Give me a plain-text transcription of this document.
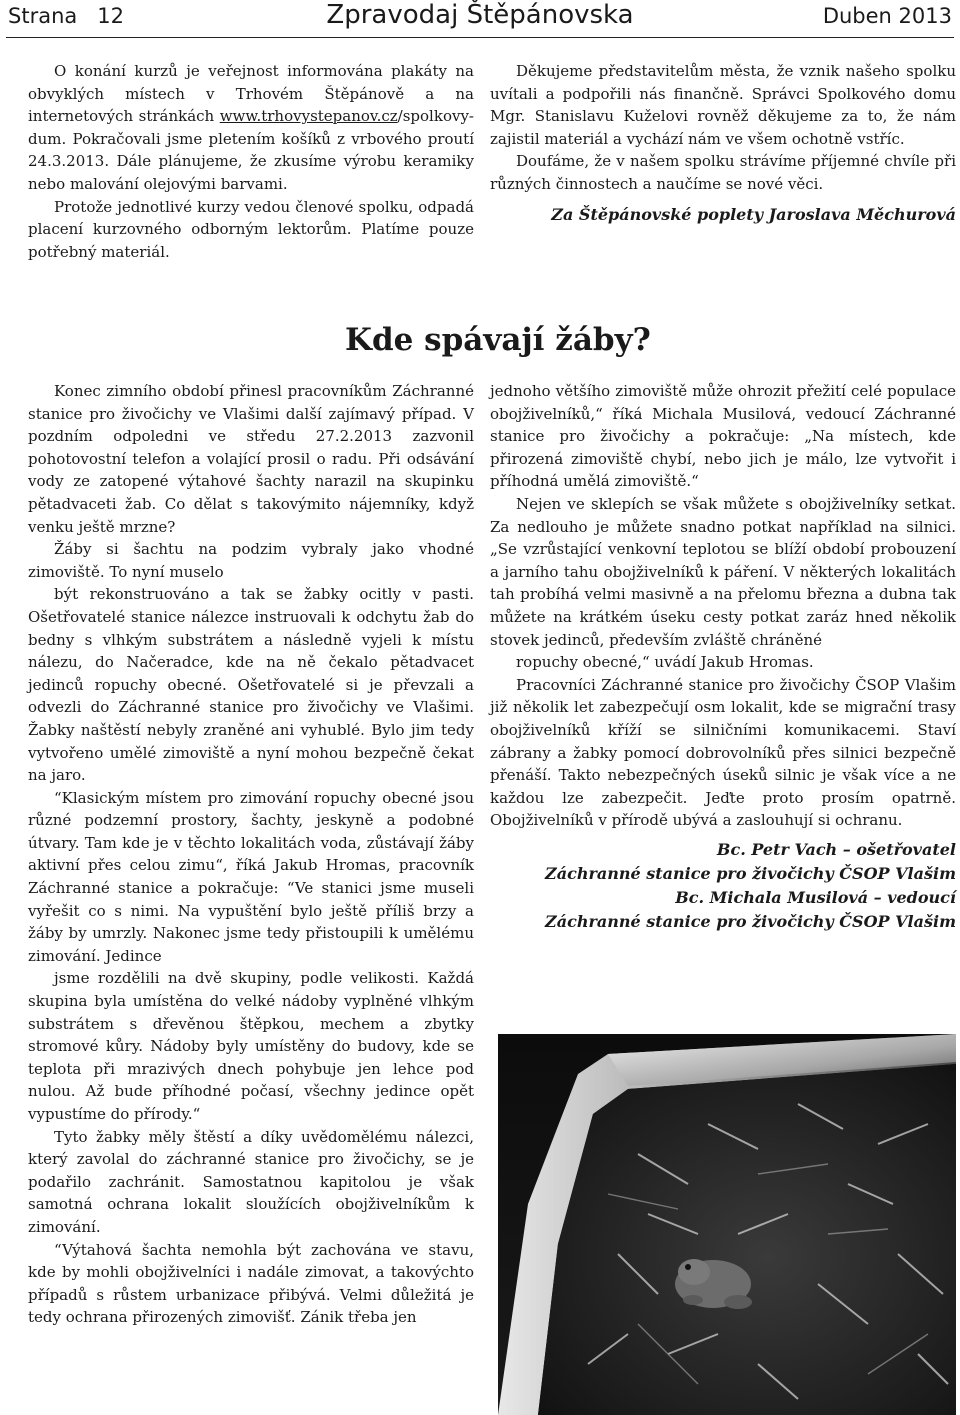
Strana 12	Zpravodaj Štěpánovska	Duben 2013

O konání kurzů je veřejnost informována plakáty na obvyklých místech v Trhovém Štěpánově a na internetových stránkách www.trhovystepanov.cz/spolkovy-dum. Pokračovali jsme pletením košíků z vrbového proutí 24.3.2013. Dále plánujeme, že zkusíme výrobu keramiky nebo malování olejovými barvami.

Protože jednotlivé kurzy vedou členové spolku, odpadá placení kurzovného odborným lektorům. Platíme pouze potřebný materiál.

Děkujeme představitelům města, že vznik našeho spolku uvítali a podpořili nás finančně. Správci Spolkového domu Mgr. Stanislavu Kuželovi rovněž děkujeme za to, že nám zajistil materiál a vychází nám ve všem ochotně vstříc.

Doufáme, že v našem spolku strávíme příjemné chvíle při různých činnostech a naučíme se nové věci.

Za Štěpánovské poplety Jaroslava Měchurová

Kde spávají žáby?

Konec zimního období přinesl pracovníkům Záchranné stanice pro živočichy ve Vlašimi další zajímavý případ. V pozdním odpoledni ve středu 27.2.2013 zazvonil pohotovostní telefon a volající prosil o radu. Při odsávání vody ze zatopené výtahové šachty narazil na skupinku pětadvaceti žab. Co dělat s takovýmito nájemníky, když venku ještě mrzne?

Žáby si šachtu na podzim vybraly jako vhodné zimoviště. To nyní muselo

být rekonstruováno a tak se žabky ocitly v pasti. Ošetřovatelé stanice nálezce instruovali k odchytu žab do bedny s vlhkým substrátem a následně vyjeli k místu nálezu, do Načeradce, kde na ně čekalo pětadvacet jedinců ropuchy obecné. Ošetřovatelé si je převzali a odvezli do Záchranné stanice pro živočichy ve Vlašimi. Žabky naštěstí nebyly zraněné ani vyhublé. Bylo jim tedy vytvořeno umělé zimoviště a nyní mohou bezpečně čekat na jaro.

“Klasickým místem pro zimování ropuchy obecné jsou různé podzemní prostory, šachty, jeskyně a podobné útvary. Tam kde je v těchto lokalitách voda, zůstávají žáby aktivní přes celou zimu“, říká Jakub Hromas, pracovník Záchranné stanice a pokračuje: “Ve stanici jsme museli vyřešit co s nimi. Na vypuštění bylo ještě příliš brzy a žáby by umrzly. Nakonec jsme tedy přistoupili k umělému zimování. Jedince

jsme rozdělili na dvě skupiny, podle velikosti. Každá skupina byla umístěna do velké nádoby vyplněné vlhkým substrátem s dřevěnou štěpkou, mechem a zbytky stromové kůry. Nádoby byly umístěny do budovy, kde se teplota při mrazivých dnech pohybuje jen lehce pod nulou. Až bude příhodné počasí, všechny jedince opět vypustíme do přírody.“

Tyto žabky měly štěstí a díky uvědomělému nálezci, který zavolal do záchranné stanice pro živočichy, se je podařilo zachránit. Samostatnou kapitolou je však samotná ochrana lokalit sloužících obojživelníkům k zimování.

“Výtahová šachta nemohla být zachována ve stavu, kde by mohli obojživelníci i nadále zimovat, a takovýchto případů s růstem urbanizace přibývá. Velmi důležitá je tedy ochrana přirozených zimovišť. Zánik třeba jen

jednoho většího zimoviště může ohrozit přežití celé populace obojživelníků,“ říká Michala Musilová, vedoucí Záchranné stanice pro živočichy a pokračuje: „Na místech, kde přirozená zimoviště chybí, nebo jich je málo, lze vytvořit i příhodná umělá zimoviště.“

Nejen ve sklepích se však můžete s obojživelníky setkat. Za nedlouho je můžete snadno potkat například na silnici. „Se vzrůstající venkovní teplotou se blíží období probouzení a jarního tahu obojživelníků k páření. V některých lokalitách tah probíhá velmi masivně a na přelomu března a dubna tak můžete na krátkém úseku cesty potkat zaráz hned několik stovek jedinců, především zvláště chráněné

ropuchy obecné,“ uvádí Jakub Hromas.

Pracovníci Záchranné stanice pro živočichy ČSOP Vlašim již několik let zabezpečují osm lokalit, kde se migrační trasy obojživelníků kříží se silničními komunikacemi. Staví zábrany a žabky pomocí dobrovolníků přes silnici bezpečně přenáší. Takto nebezpečných úseků silnic je však více a ne každou lze zabezpečit. Jeďte proto prosím opatrně. Obojživelníků v přírodě ubývá a zaslouhují si ochranu.

Bc. Petr Vach – ošetřovatel

Záchranné stanice pro živočichy ČSOP Vlašim

Bc. Michala Musilová – vedoucí

Záchranné stanice pro živočichy ČSOP Vlašim
